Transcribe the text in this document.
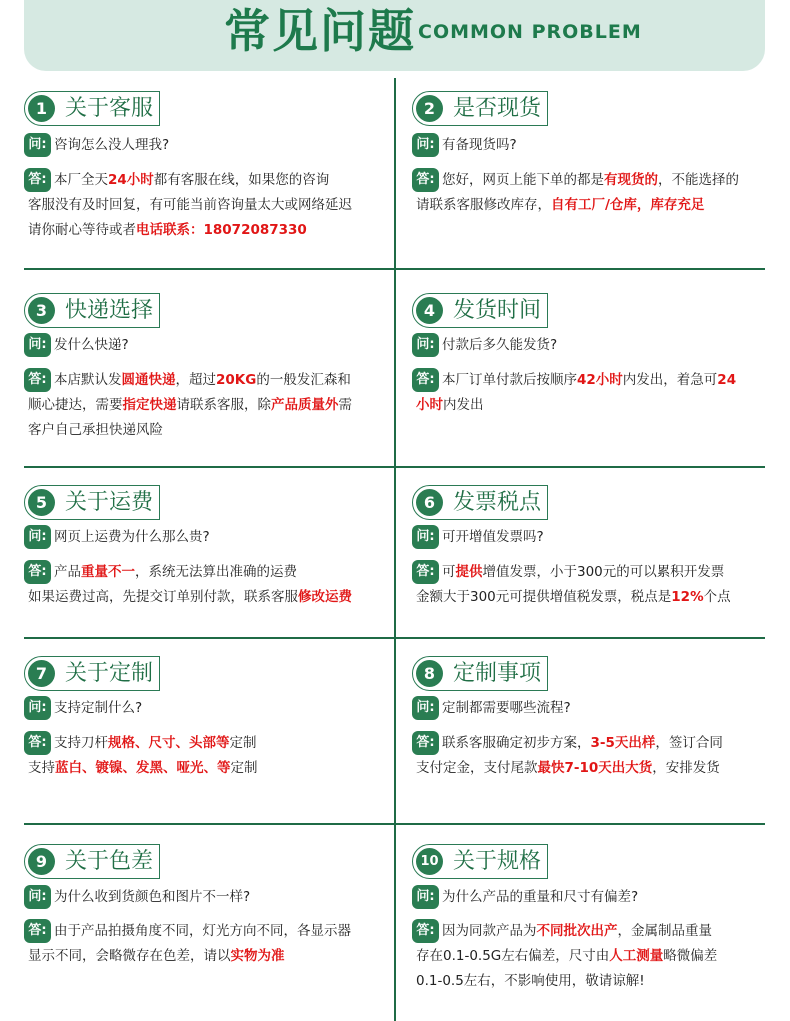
常见问题 COMMON PROBLEM
1 关于客服
问: 咨询怎么没人理我?
答: 本厂全天24小时都有客服在线，如果您的咨询
客服没有及时回复，有可能当前咨询量太大或网络延迟
请你耐心等待或者电话联系：18072087330
2 是否现货
问: 有备现货吗?
答: 您好，网页上能下单的都是有现货的，不能选择的
请联系客服修改库存，自有工厂/仓库，库存充足
3 快递选择
问: 发什么快递?
答: 本店默认发圆通快递，超过20KG的一般发汇森和
顺心捷达，需要指定快递请联系客服，除产品质量外需
客户自己承担快递风险
4 发货时间
问: 付款后多久能发货?
答: 本厂订单付款后按顺序42小时内发出，着急可24
小时内发出
5 关于运费
问: 网页上运费为什么那么贵?
答: 产品重量不一，系统无法算出准确的运费
如果运费过高，先提交订单别付款，联系客服修改运费
6 发票税点
问: 可开增值发票吗?
答: 可提供增值发票，小于300元的可以累积开发票
金额大于300元可提供增值税发票，税点是12%个点
7 关于定制
问: 支持定制什么?
答: 支持刀杆规格、尺寸、头部等定制
支持蓝白、镀镍、发黑、哑光、等定制
8 定制事项
问: 定制都需要哪些流程?
答: 联系客服确定初步方案，3-5天出样，签订合同
支付定金，支付尾款最快7-10天出大货，安排发货
9 关于色差
问: 为什么收到货颜色和图片不一样?
答: 由于产品拍摄角度不同，灯光方向不同，各显示器
显示不同，会略微存在色差，请以实物为准
10 关于规格
问: 为什么产品的重量和尺寸有偏差?
答: 因为同款产品为不同批次出产，金属制品重量
存在0.1-0.5G左右偏差，尺寸由人工测量略微偏差
0.1-0.5左右，不影响使用，敬请谅解!
